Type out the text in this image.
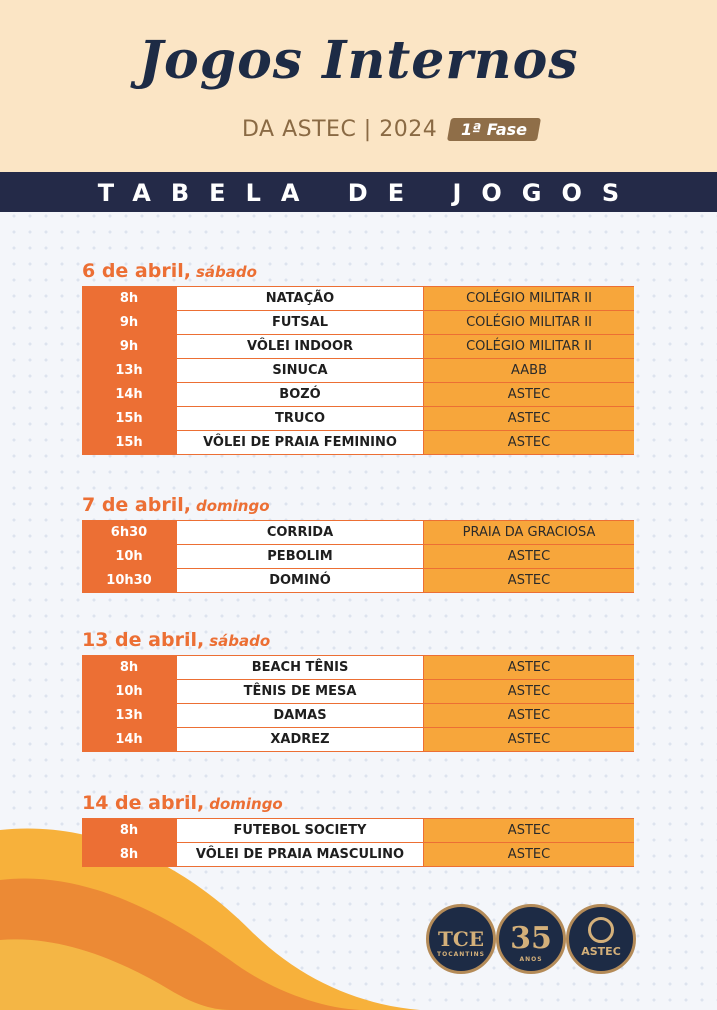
Jogos Internos
DA ASTEC | 2024	1ª Fase
TABELA DE JOGOS
6 de abril, sábado
8h	NATAÇÃO	COLÉGIO MILITAR II
9h	FUTSAL	COLÉGIO MILITAR II
9h	VÔLEI INDOOR	COLÉGIO MILITAR II
13h	SINUCA	AABB
14h	BOZÓ	ASTEC
15h	TRUCO	ASTEC
15h	VÔLEI DE PRAIA FEMININO	ASTEC
7 de abril, domingo
6h30	CORRIDA	PRAIA DA GRACIOSA
10h	PEBOLIM	ASTEC
10h30	DOMINÓ	ASTEC
13 de abril, sábado
8h	BEACH TÊNIS	ASTEC
10h	TÊNIS DE MESA	ASTEC
13h	DAMAS	ASTEC
14h	XADREZ	ASTEC
14 de abril, domingo
8h	FUTEBOL SOCIETY	ASTEC
8h	VÔLEI DE PRAIA MASCULINO	ASTEC
TCE
TOCANTINS 35
ANOS
ASTEC
